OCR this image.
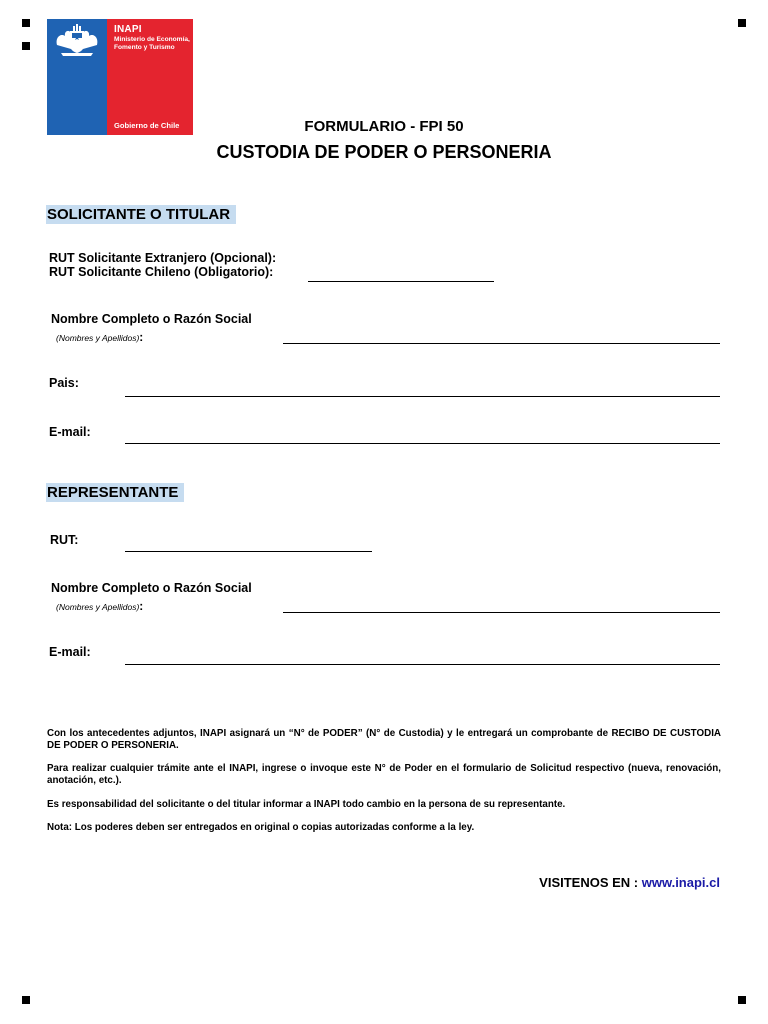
INAPI
Ministerio de Economía, Fomento y Turismo
Gobierno de Chile	FORMULARIO - FPI 50
CUSTODIA DE PODER O PERSONERIA
SOLICITANTE O TITULAR
RUT Solicitante Extranjero (Opcional):
RUT Solicitante Chileno (Obligatorio):
Nombre Completo o Razón Social
(Nombres y Apellidos):
Pais:
E-mail:
REPRESENTANTE
RUT:
Nombre Completo o Razón Social
(Nombres y Apellidos):
E-mail:

Con los antecedentes adjuntos, INAPI asignará un “N° de PODER” (N° de Custodia) y le entregará un comprobante de RECIBO DE CUSTODIA DE PODER O PERSONERIA.

Para realizar cualquier trámite ante el INAPI, ingrese o invoque este N° de Poder en el formulario de Solicitud respectivo (nueva, renovación, anotación, etc.).

Es responsabilidad del solicitante o del titular informar a INAPI todo cambio en la persona de su representante.

Nota: Los poderes deben ser entregados en original o copias autorizadas conforme a la ley.

VISITENOS EN : www.inapi.cl
